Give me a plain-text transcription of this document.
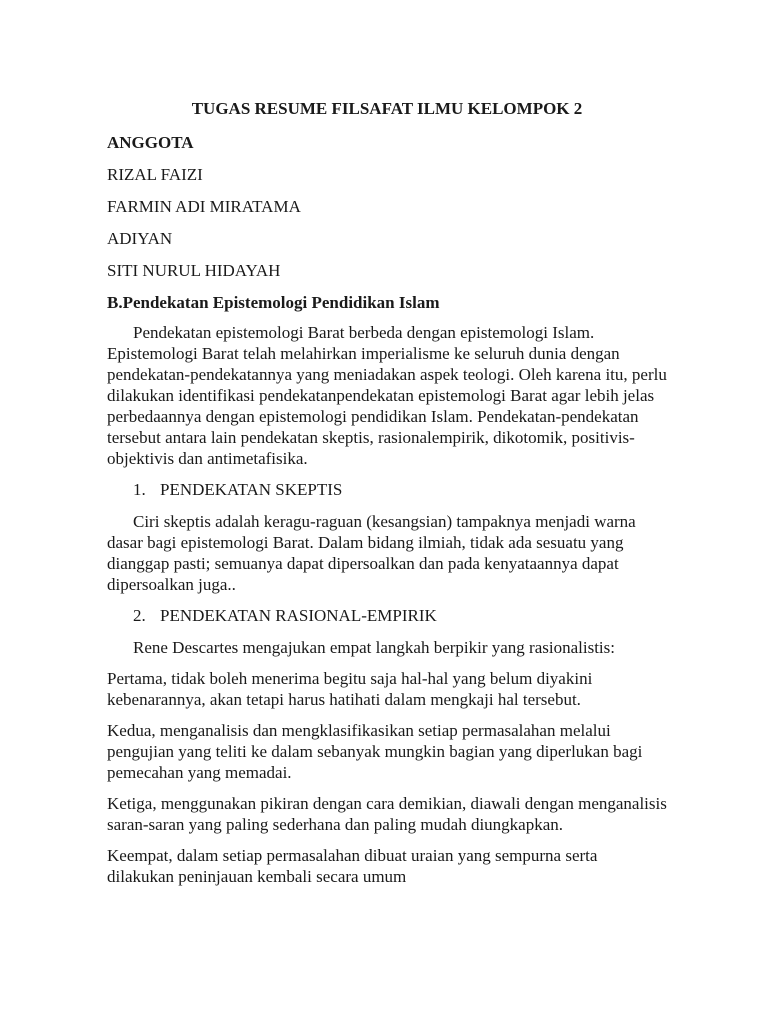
TUGAS RESUME FILSAFAT ILMU KELOMPOK 2

ANGGOTA

RIZAL FAIZI

FARMIN ADI MIRATAMA

ADIYAN

SITI NURUL HIDAYAH

B.Pendekatan Epistemologi Pendidikan Islam

Pendekatan epistemologi Barat berbeda dengan epistemologi Islam. Epistemologi Barat telah melahirkan imperialisme ke seluruh dunia dengan pendekatan-pendekatannya yang meniadakan aspek teologi. Oleh karena itu, perlu dilakukan identifikasi pendekatanpendekatan epistemologi Barat agar lebih jelas perbedaannya dengan epistemologi pendidikan Islam. Pendekatan-pendekatan tersebut antara lain pendekatan skeptis, rasionalempirik, dikotomik, positivis-objektivis dan antimetafisika.

1. PENDEKATAN SKEPTIS

Ciri skeptis adalah keragu-raguan (kesangsian) tampaknya menjadi warna dasar bagi epistemologi Barat. Dalam bidang ilmiah, tidak ada sesuatu yang dianggap pasti; semuanya dapat dipersoalkan dan pada kenyataannya dapat dipersoalkan juga..

2. PENDEKATAN RASIONAL-EMPIRIK

Rene Descartes mengajukan empat langkah berpikir yang rasionalistis:

Pertama, tidak boleh menerima begitu saja hal-hal yang belum diyakini kebenarannya, akan tetapi harus hatihati dalam mengkaji hal tersebut.

Kedua, menganalisis dan mengklasifikasikan setiap permasalahan melalui pengujian yang teliti ke dalam sebanyak mungkin bagian yang diperlukan bagi pemecahan yang memadai.

Ketiga, menggunakan pikiran dengan cara demikian, diawali dengan menganalisis saran-saran yang paling sederhana dan paling mudah diungkapkan.

Keempat, dalam setiap permasalahan dibuat uraian yang sempurna serta dilakukan peninjauan kembali secara umum
